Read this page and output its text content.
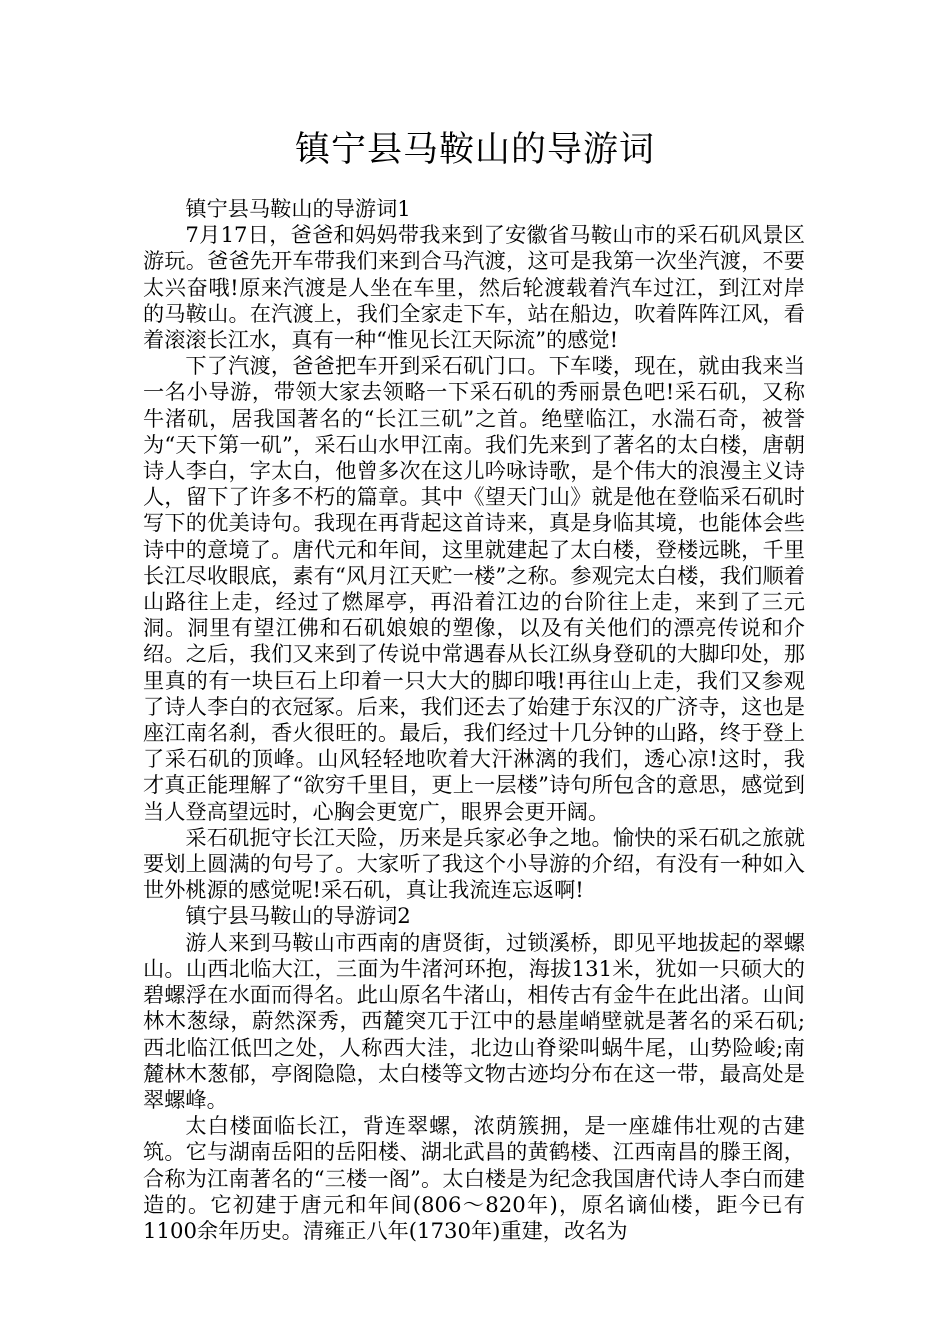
镇宁县马鞍山的导游词

镇宁县马鞍山的导游词1

7月17日，爸爸和妈妈带我来到了安徽省马鞍山市的采石矶风景区游玩。爸爸先开车带我们来到合马汽渡，这可是我第一次坐汽渡，不要太兴奋哦!原来汽渡是人坐在车里，然后轮渡载着汽车过江，到江对岸的马鞍山。在汽渡上，我们全家走下车，站在船边，吹着阵阵江风，看着滚滚长江水，真有一种“惟见长江天际流”的感觉!

下了汽渡，爸爸把车开到采石矶门口。下车喽，现在，就由我来当一名小导游，带领大家去领略一下采石矶的秀丽景色吧!采石矶，又称牛渚矶，居我国著名的“长江三矶”之首。绝壁临江，水湍石奇，被誉为“天下第一矶”，采石山水甲江南。我们先来到了著名的太白楼，唐朝诗人李白，字太白，他曾多次在这儿吟咏诗歌，是个伟大的浪漫主义诗人，留下了许多不朽的篇章。其中《望天门山》就是他在登临采石矶时写下的优美诗句。我现在再背起这首诗来，真是身临其境，也能体会些诗中的意境了。唐代元和年间，这里就建起了太白楼，登楼远眺，千里长江尽收眼底，素有“风月江天贮一楼”之称。参观完太白楼，我们顺着山路往上走，经过了燃犀亭，再沿着江边的台阶往上走，来到了三元洞。洞里有望江佛和石矶娘娘的塑像，以及有关他们的漂亮传说和介绍。之后，我们又来到了传说中常遇春从长江纵身登矶的大脚印处，那里真的有一块巨石上印着一只大大的脚印哦!再往山上走，我们又参观了诗人李白的衣冠冢。后来，我们还去了始建于东汉的广济寺，这也是座江南名刹，香火很旺的。最后，我们经过十几分钟的山路，终于登上了采石矶的顶峰。山风轻轻地吹着大汗淋漓的我们，透心凉!这时，我才真正能理解了“欲穷千里目，更上一层楼”诗句所包含的意思，感觉到当人登高望远时，心胸会更宽广，眼界会更开阔。

采石矶扼守长江天险，历来是兵家必争之地。愉快的采石矶之旅就要划上圆满的句号了。大家听了我这个小导游的介绍，有没有一种如入世外桃源的感觉呢!采石矶，真让我流连忘返啊!

镇宁县马鞍山的导游词2

游人来到马鞍山市西南的唐贤街，过锁溪桥，即见平地拔起的翠螺山。山西北临大江，三面为牛渚河环抱，海拔131米，犹如一只硕大的碧螺浮在水面而得名。此山原名牛渚山，相传古有金牛在此出渚。山间林木葱绿，蔚然深秀，西麓突兀于江中的悬崖峭壁就是著名的采石矶;西北临江低凹之处，人称西大洼，北边山脊梁叫蜗牛尾，山势险峻;南麓林木葱郁，亭阁隐隐，太白楼等文物古迹均分布在这一带，最高处是翠螺峰。

太白楼面临长江，背连翠螺，浓荫簇拥，是一座雄伟壮观的古建筑。它与湖南岳阳的岳阳楼、湖北武昌的黄鹤楼、江西南昌的滕王阁，合称为江南著名的“三楼一阁”。太白楼是为纪念我国唐代诗人李白而建造的。它初建于唐元和年间(806～820年)，原名谪仙楼，距今已有1100余年历史。清雍正八年(1730年)重建，改名为
